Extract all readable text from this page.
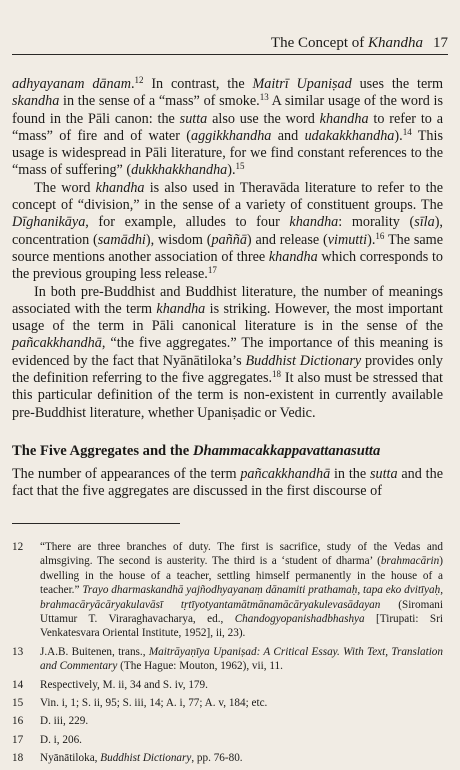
The Concept of Khandha 17

adhyayanam dānam.$^{12}$ In contrast, the Maitrī Upaniṣad uses the term skandha in the sense of a “mass” of smoke.$^{13}$ A similar usage of the word is found in the Pāli canon: the sutta also use the word khandha to refer to a “mass” of fire and of water (aggikkhandha and udakakkhandha).$^{14}$ This usage is widespread in Pāli literature, for we find constant references to the “mass of suffering” (dukkhakkhandha).$^{15}$

The word khandha is also used in Theravāda literature to refer to the concept of “division,” in the sense of a variety of constituent groups. The Dīghanikāya, for example, alludes to four khandha: morality (sīla), concentration (samādhi), wisdom (paññā) and release (vimutti).$^{16}$ The same source mentions another association of three khandha which corresponds to the previous grouping less release.$^{17}$

In both pre-Buddhist and Buddhist literature, the number of meanings associated with the term khandha is striking. However, the most important usage of the term in Pāli canonical literature is in the sense of the pañcakkhandhā, “the five aggregates.” The importance of this meaning is evidenced by the fact that Nyānātiloka’s Buddhist Dictionary provides only the definition referring to the five aggregates.$^{18}$ It also must be stressed that this particular definition of the term is non-existent in currently available pre-Buddhist literature, whether Upaniṣadic or Vedic.

The Five Aggregates and the Dhammacakkappavattanasutta

The number of appearances of the term pañcakkhandhā in the sutta and the fact that the five aggregates are discussed in the first discourse of

12	“There are three branches of duty. The first is sacrifice, study of the Vedas and almsgiving. The second is austerity. The third is a ‘student of dharma’ (brahmacārin) dwelling in the house of a teacher, settling himself permanently in the house of a teacher.” Trayo dharmaskandhā yajñodhyayanaṃ dānamiti prathamaḥ, tapa eko dvitīyaḥ, brahmacāryācāryakulavāsī tṛtīyotyantamātmānamācāryakulevasādayan (Siromani Uttamur T. Viraraghavacharya, ed., Chandogyopanishadbhashya [Tirupati: Sri Venkatesvara Oriental Institute, 1952], ii, 23).
13	J.A.B. Buitenen, trans., Maitrāyaṇīya Upaniṣad: A Critical Essay. With Text, Translation and Commentary (The Hague: Mouton, 1962), vii, 11.
14	Respectively, M. ii, 34 and S. iv, 179.
15	Vin. i, 1; S. ii, 95; S. iii, 14; A. i, 77; A. v, 184; etc.
16	D. iii, 229.
17	D. i, 206.
18	Nyānātiloka, Buddhist Dictionary, pp. 76-80.
